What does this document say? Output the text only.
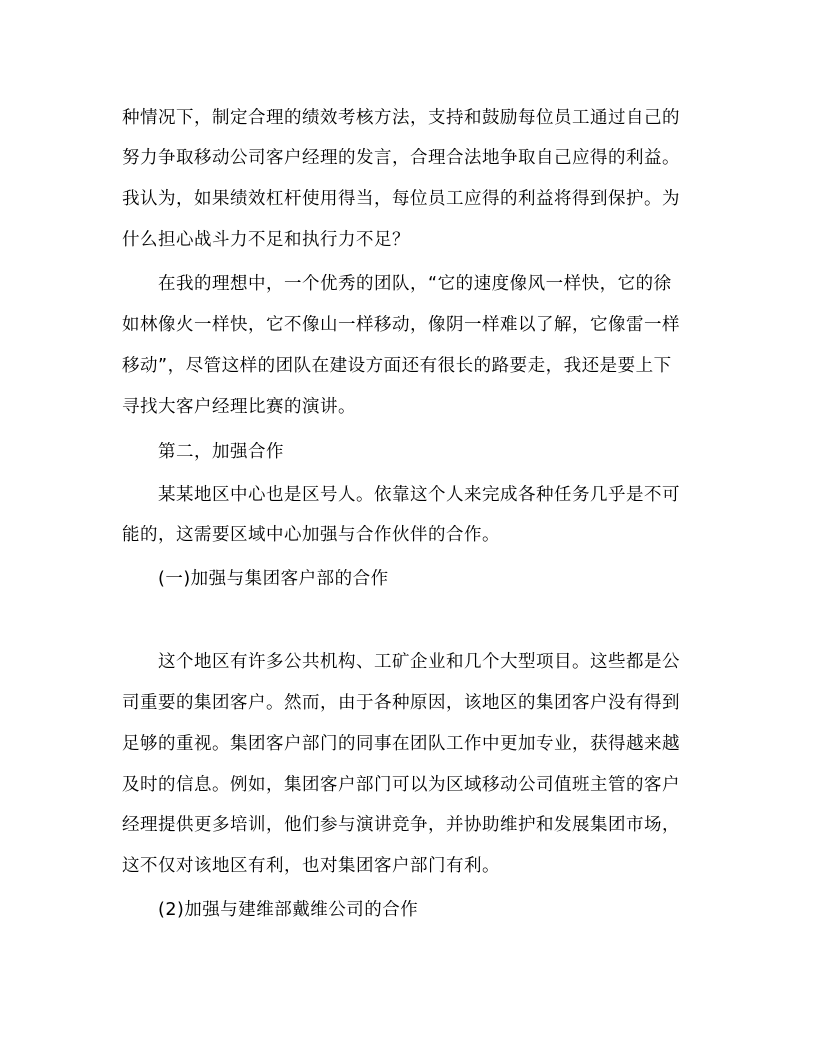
种情况下，制定合理的绩效考核方法，支持和鼓励每位员工通过自己的
努力争取移动公司客户经理的发言，合理合法地争取自己应得的利益。
我认为，如果绩效杠杆使用得当，每位员工应得的利益将得到保护。为
什么担心战斗力不足和执行力不足？
在我的理想中，一个优秀的团队，“它的速度像风一样快，它的徐
如林像火一样快，它不像山一样移动，像阴一样难以了解，它像雷一样
移动”，尽管这样的团队在建设方面还有很长的路要走，我还是要上下
寻找大客户经理比赛的演讲。
第二，加强合作
某某地区中心也是区号人。依靠这个人来完成各种任务几乎是不可
能的，这需要区域中心加强与合作伙伴的合作。
(一)加强与集团客户部的合作
这个地区有许多公共机构、工矿企业和几个大型项目。这些都是公
司重要的集团客户。然而，由于各种原因，该地区的集团客户没有得到
足够的重视。集团客户部门的同事在团队工作中更加专业，获得越来越
及时的信息。例如，集团客户部门可以为区域移动公司值班主管的客户
经理提供更多培训，他们参与演讲竞争，并协助维护和发展集团市场，
这不仅对该地区有利，也对集团客户部门有利。
(2)加强与建维部戴维公司的合作
